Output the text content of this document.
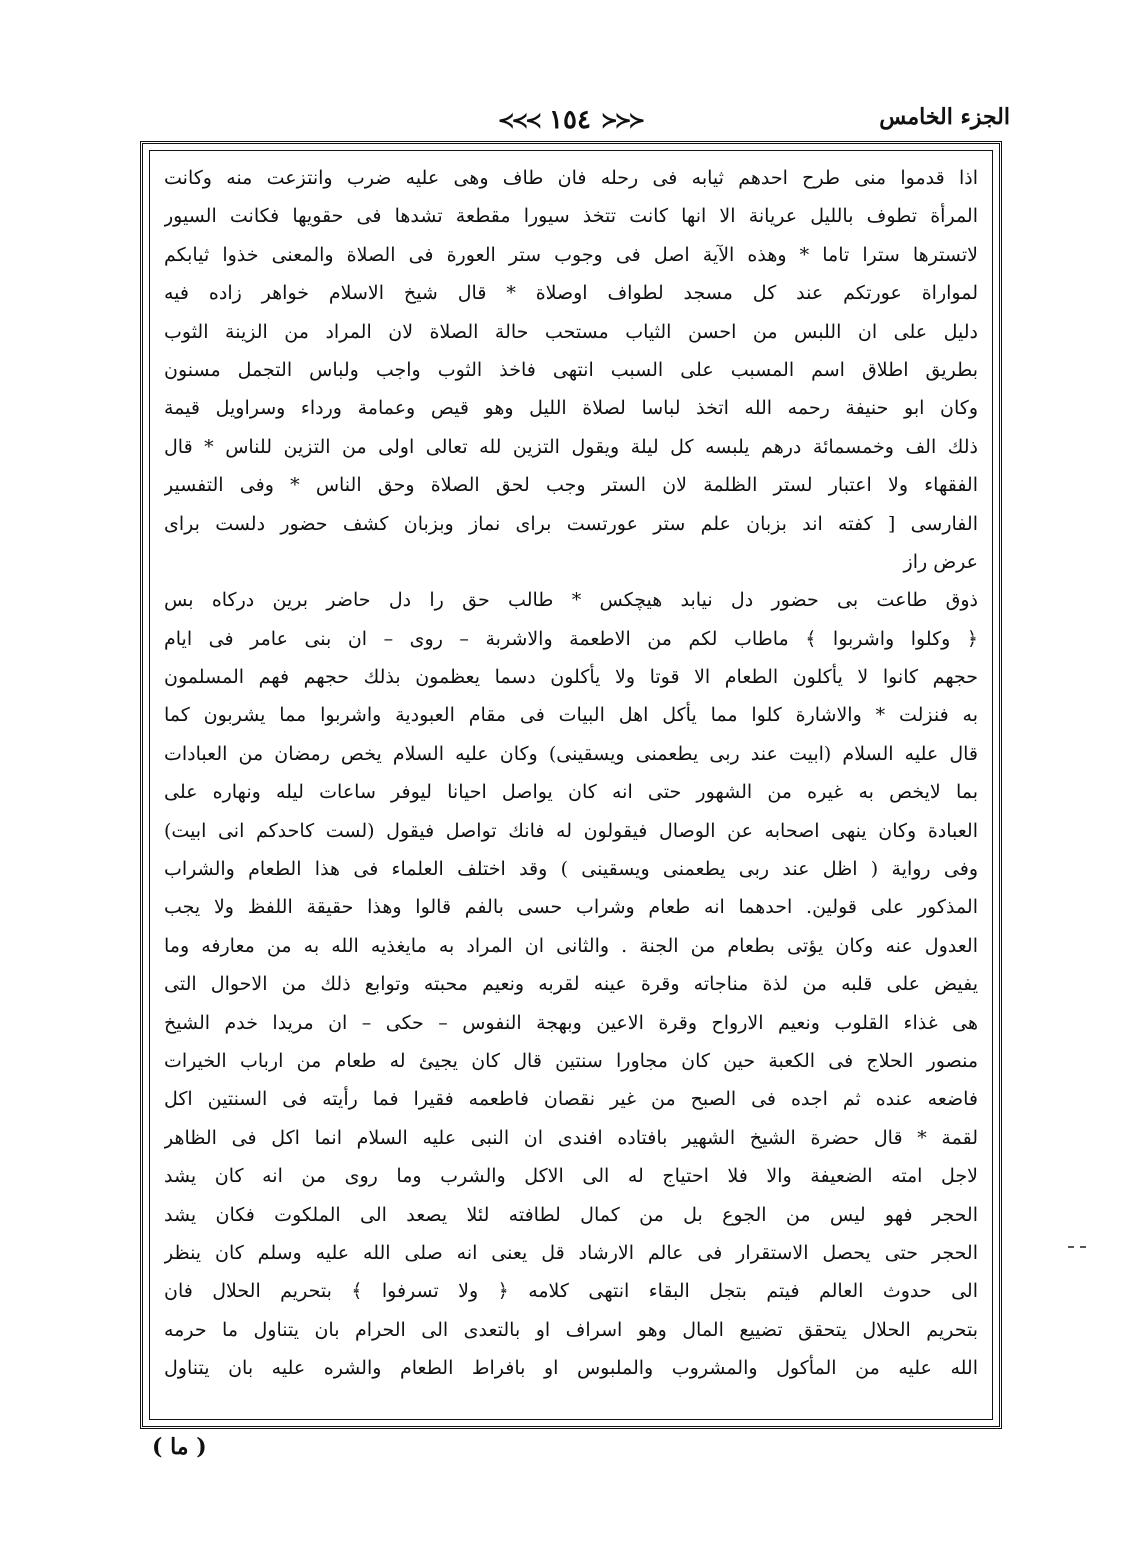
الجزء الخامس
≺≺≺ ١٥٤ ≻≻≻
اذا قدموا منى طرح احدهم ثيابه فى رحله فان طاف وهى عليه ضرب وانتزعت منه وكانت
المرأة تطوف بالليل عريانة الا انها كانت تتخذ سيورا مقطعة تشدها فى حقويها فكانت السيور
لاتسترها سترا تاما * وهذه الآية اصل فى وجوب ستر العورة فى الصلاة والمعنى خذوا ثيابكم
لمواراة عورتكم عند كل مسجد لطواف اوصلاة * قال شيخ الاسلام خواهر زاده فيه
دليل على ان اللبس من احسن الثياب مستحب حالة الصلاة لان المراد من الزينة الثوب
بطريق اطلاق اسم المسبب على السبب انتهى فاخذ الثوب واجب ولباس التجمل مسنون
وكان ابو حنيفة رحمه الله اتخذ لباسا لصلاة الليل وهو قيص وعمامة ورداء وسراويل قيمة
ذلك الف وخمسمائة درهم يلبسه كل ليلة ويقول التزين لله تعالى اولى من التزين للناس * قال
الفقهاء ولا اعتبار لستر الظلمة لان الستر وجب لحق الصلاة وحق الناس * وفى التفسير
الفارسى [ كفته اند بزبان علم ستر عورتست براى نماز وبزبان كشف حضور دلست براى
عرض راز
ذوق طاعت بى حضور دل نيابد هيچكس * طالب حق را دل حاضر برين دركاه بس
﴿ وكلوا واشربوا ﴾ ماطاب لكم من الاطعمة والاشربة – روى – ان بنى عامر فى ايام
حجهم كانوا لا يأكلون الطعام الا قوتا ولا يأكلون دسما يعظمون بذلك حجهم فهم المسلمون
به فنزلت * والاشارة كلوا مما يأكل اهل البيات فى مقام العبودية واشربوا مما يشربون كما
قال عليه السلام (ابيت عند ربى يطعمنى ويسقينى) وكان عليه السلام يخص رمضان من العبادات
بما لايخص به غيره من الشهور حتى انه كان يواصل احيانا ليوفر ساعات ليله ونهاره على
العبادة وكان ينهى اصحابه عن الوصال فيقولون له فانك تواصل فيقول (لست كاحدكم انى ابيت)
وفى رواية ( اظل عند ربى يطعمنى ويسقينى ) وقد اختلف العلماء فى هذا الطعام والشراب
المذكور على قولين. احدهما انه طعام وشراب حسى بالفم قالوا وهذا حقيقة اللفظ ولا يجب
العدول عنه وكان يؤتى بطعام من الجنة . والثانى ان المراد به مايغذيه الله به من معارفه وما
يفيض على قلبه من لذة مناجاته وقرة عينه لقربه ونعيم محبته وتوابع ذلك من الاحوال التى
هى غذاء القلوب ونعيم الارواح وقرة الاعين وبهجة النفوس – حكى – ان مريدا خدم الشيخ
منصور الحلاج فى الكعبة حين كان مجاورا سنتين قال كان يجيئ له طعام من ارباب الخيرات
فاضعه عنده ثم اجده فى الصبح من غير نقصان فاطعمه فقيرا فما رأيته فى السنتين اكل
لقمة * قال حضرة الشيخ الشهير بافتاده افندى ان النبى عليه السلام انما اكل فى الظاهر
لاجل امته الضعيفة والا فلا احتياج له الى الاكل والشرب وما روى من انه كان يشد
الحجر فهو ليس من الجوع بل من كمال لطافته لئلا يصعد الى الملكوت فكان يشد
الحجر حتى يحصل الاستقرار فى عالم الارشاد قل يعنى انه صلى الله عليه وسلم كان ينظر
الى حدوث العالم فيتم بتجل البقاء انتهى كلامه ﴿ ولا تسرفوا ﴾ بتحريم الحلال فان
بتحريم الحلال يتحقق تضييع المال وهو اسراف او بالتعدى الى الحرام بان يتناول ما حرمه
الله عليه من المأكول والمشروب والملبوس او بافراط الطعام والشره عليه بان يتناول
( ما )
